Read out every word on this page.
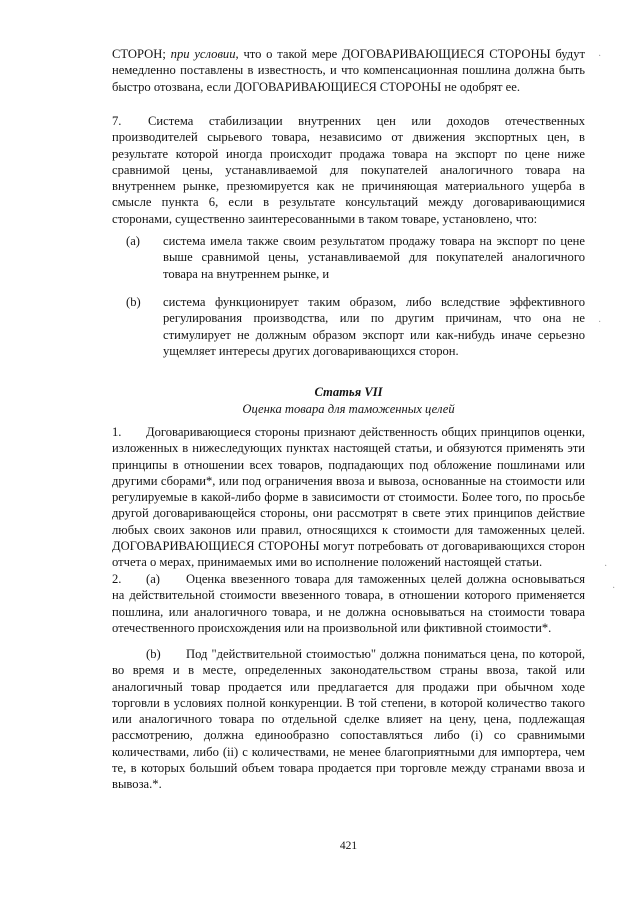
СТОРОН; при условии, что о такой мере ДОГОВАРИВАЮЩИЕСЯ СТОРОНЫ будут немедленно поставлены в известность, и что компенсационная пошлина должна быть быстро отозвана, если ДОГОВАРИВАЮЩИЕСЯ СТОРОНЫ не одобрят ее.

7. Система стабилизации внутренних цен или доходов отечественных производителей сырьевого товара, независимо от движения экспортных цен, в результате которой иногда происходит продажа товара на экспорт по цене ниже сравнимой цены, устанавливаемой для покупателей аналогичного товара на внутреннем рынке, презюмируется как не причиняющая материального ущерба в смысле пункта 6, если в результате консультаций между договаривающимися сторонами, существенно заинтересованными в таком товаре, установлено, что:

(a)	система имела также своим результатом продажу товара на экспорт по цене выше сравнимой цены, устанавливаемой для покупателей аналогичного товара на внутреннем рынке, и

(b)	система функционирует таким образом, либо вследствие эффективного регулирования производства, или по другим причинам, что она не стимулирует не должным образом экспорт или как-нибудь иначе серьезно ущемляет интересы других договаривающихся сторон.

Статья VII

Оценка товара для таможенных целей

1. Договаривающиеся стороны признают действенность общих принципов оценки, изложенных в нижеследующих пунктах настоящей статьи, и обязуются применять эти принципы в отношении всех товаров, подпадающих под обложение пошлинами или другими сборами*, или под ограничения ввоза и вывоза, основанные на стоимости или регулируемые в какой-либо форме в зависимости от стоимости. Более того, по просьбе другой договаривающейся стороны, они рассмотрят в свете этих принципов действие любых своих законов или правил, относящихся к стоимости для таможенных целей. ДОГОВАРИВАЮЩИЕСЯ СТОРОНЫ могут потребовать от договаривающихся сторон отчета о мерах, принимаемых ими во исполнение положений настоящей статьи.

2. (a) Оценка ввезенного товара для таможенных целей должна основываться на действительной стоимости ввезенного товара, в отношении которого применяется пошлина, или аналогичного товара, и не должна основываться на стоимости товара отечественного происхождения или на произвольной или фиктивной стоимости*.

(b) Под "действительной стоимостью" должна пониматься цена, по которой, во время и в месте, определенных законодательством страны ввоза, такой или аналогичный товар продается или предлагается для продажи при обычном ходе торговли в условиях полной конкуренции. В той степени, в которой количество такого или аналогичного товара по отдельной сделке влияет на цену, цена, подлежащая рассмотрению, должна единообразно сопоставляться либо (i) со сравнимыми количествами, либо (ii) с количествами, не менее благоприятными для импортера, чем те, в которых больший объем товара продается при торговле между странами ввоза и вывоза.*.

421
·
·
·
·
